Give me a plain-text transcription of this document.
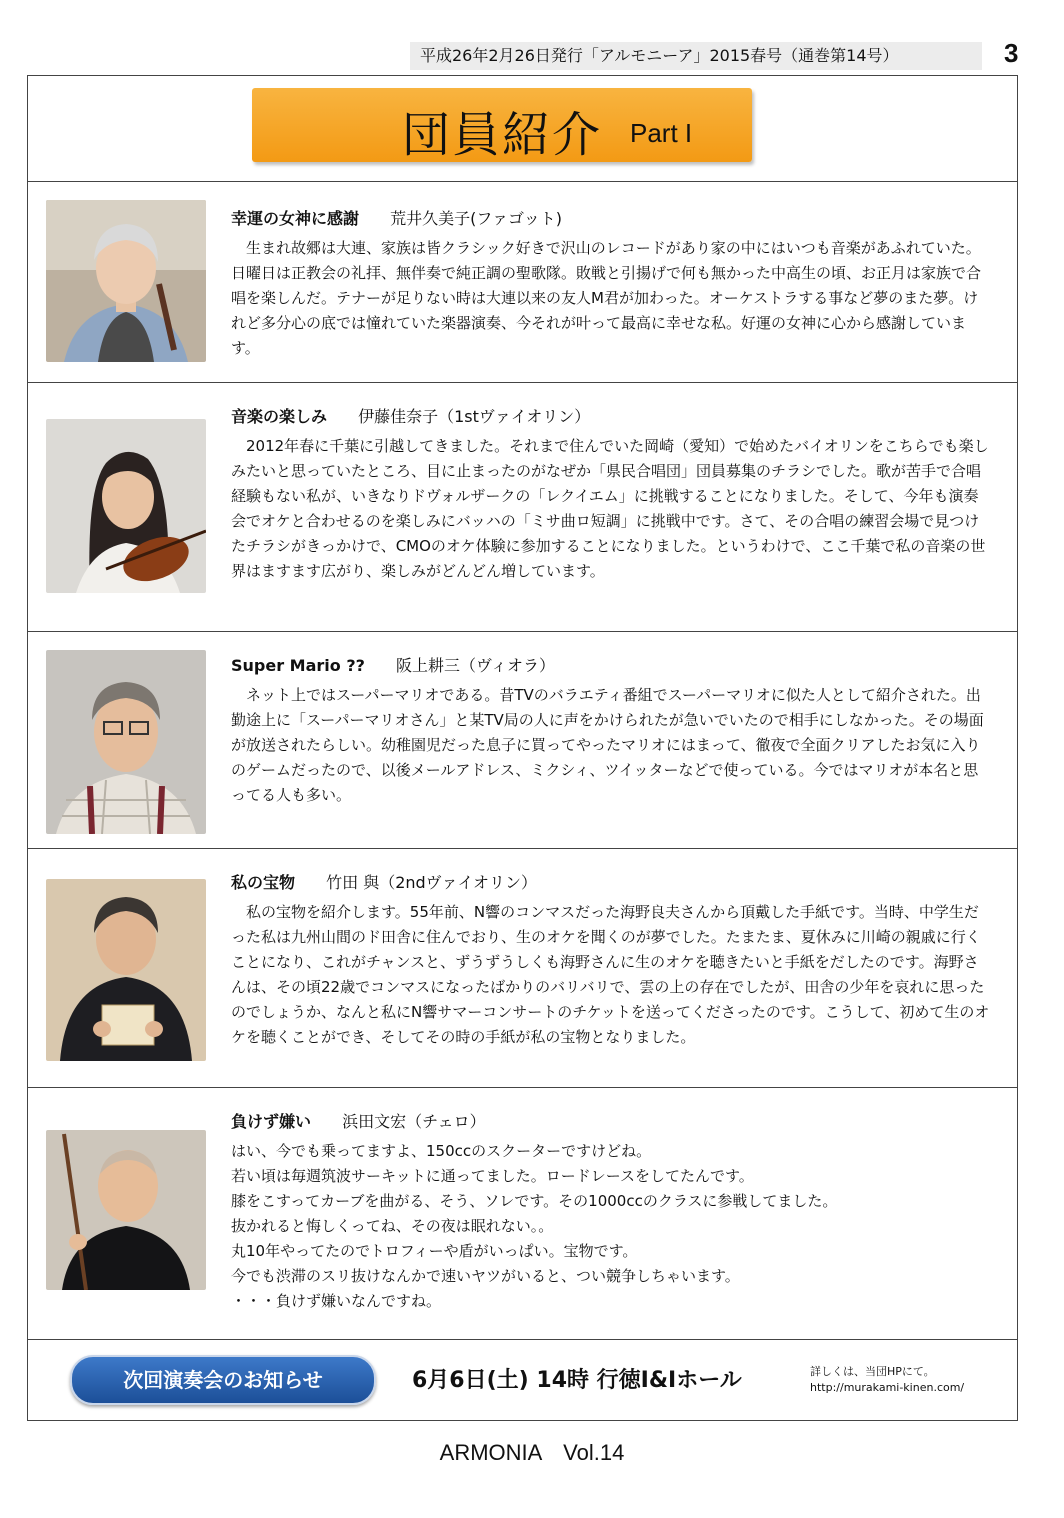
平成26年2月26日発行「アルモニーア」2015春号（通巻第14号）	3
団員紹介 Part I
幸運の女神に感謝 荒井久美子(ファゴット)

生まれ故郷は大連、家族は皆クラシック好きで沢山のレコードがあり家の中にはいつも音楽があふれていた。日曜日は正教会の礼拝、無伴奏で純正調の聖歌隊。敗戦と引揚げで何も無かった中高生の頃、お正月は家族で合唱を楽しんだ。テナーが足りない時は大連以来の友人M君が加わった。オーケストラする事など夢のまた夢。けれど多分心の底では憧れていた楽器演奏、今それが叶って最高に幸せな私。好運の女神に心から感謝しています。

音楽の楽しみ 伊藤佳奈子（1stヴァイオリン）

2012年春に千葉に引越してきました。それまで住んでいた岡崎（愛知）で始めたバイオリンをこちらでも楽しみたいと思っていたところ、目に止まったのがなぜか「県民合唱団」団員募集のチラシでした。歌が苦手で合唱経験もない私が、いきなりドヴォルザークの「レクイエム」に挑戦することになりました。そして、今年も演奏会でオケと合わせるのを楽しみにバッハの「ミサ曲ロ短調」に挑戦中です。さて、その合唱の練習会場で見つけたチラシがきっかけで、CMOのオケ体験に参加することになりました。というわけで、ここ千葉で私の音楽の世界はますます広がり、楽しみがどんどん増しています。

Super Mario ?? 阪上耕三（ヴィオラ）

ネット上ではスーパーマリオである。昔TVのバラエティ番組でスーパーマリオに似た人として紹介された。出勤途上に「スーパーマリオさん」と某TV局の人に声をかけられたが急いでいたので相手にしなかった。その場面が放送されたらしい。幼稚園児だった息子に買ってやったマリオにはまって、徹夜で全面クリアしたお気に入りのゲームだったので、以後メールアドレス、ミクシィ、ツイッターなどで使っている。今ではマリオが本名と思ってる人も多い。

私の宝物 竹田 與（2ndヴァイオリン）

私の宝物を紹介します。55年前、N響のコンマスだった海野良夫さんから頂戴した手紙です。当時、中学生だった私は九州山間のド田舎に住んでおり、生のオケを聞くのが夢でした。たまたま、夏休みに川崎の親戚に行くことになり、これがチャンスと、ずうずうしくも海野さんに生のオケを聴きたいと手紙をだしたのです。海野さんは、その頃22歳でコンマスになったばかりのバリバリで、雲の上の存在でしたが、田舎の少年を哀れに思ったのでしょうか、なんと私にN響サマーコンサートのチケットを送ってくださったのです。こうして、初めて生のオケを聴くことができ、そしてその時の手紙が私の宝物となりました。

負けず嫌い 浜田文宏（チェロ）
はい、今でも乗ってますよ、150ccのスクーターですけどね。
若い頃は毎週筑波サーキットに通ってました。ロードレースをしてたんです。
膝をこすってカーブを曲がる、そう、ソレです。その1000ccのクラスに参戦してました。
抜かれると悔しくってね、その夜は眠れない。。
丸10年やってたのでトロフィーや盾がいっぱい。宝物です。
今でも渋滞のスリ抜けなんかで速いヤツがいると、つい競争しちゃいます。
・・・負けず嫌いなんですね。
次回演奏会のお知らせ	6月6日(土) 14時 行徳I&Iホール	詳しくは、当団HPにて。
http://murakami-kinen.com/
ARMONIA　Vol.14
